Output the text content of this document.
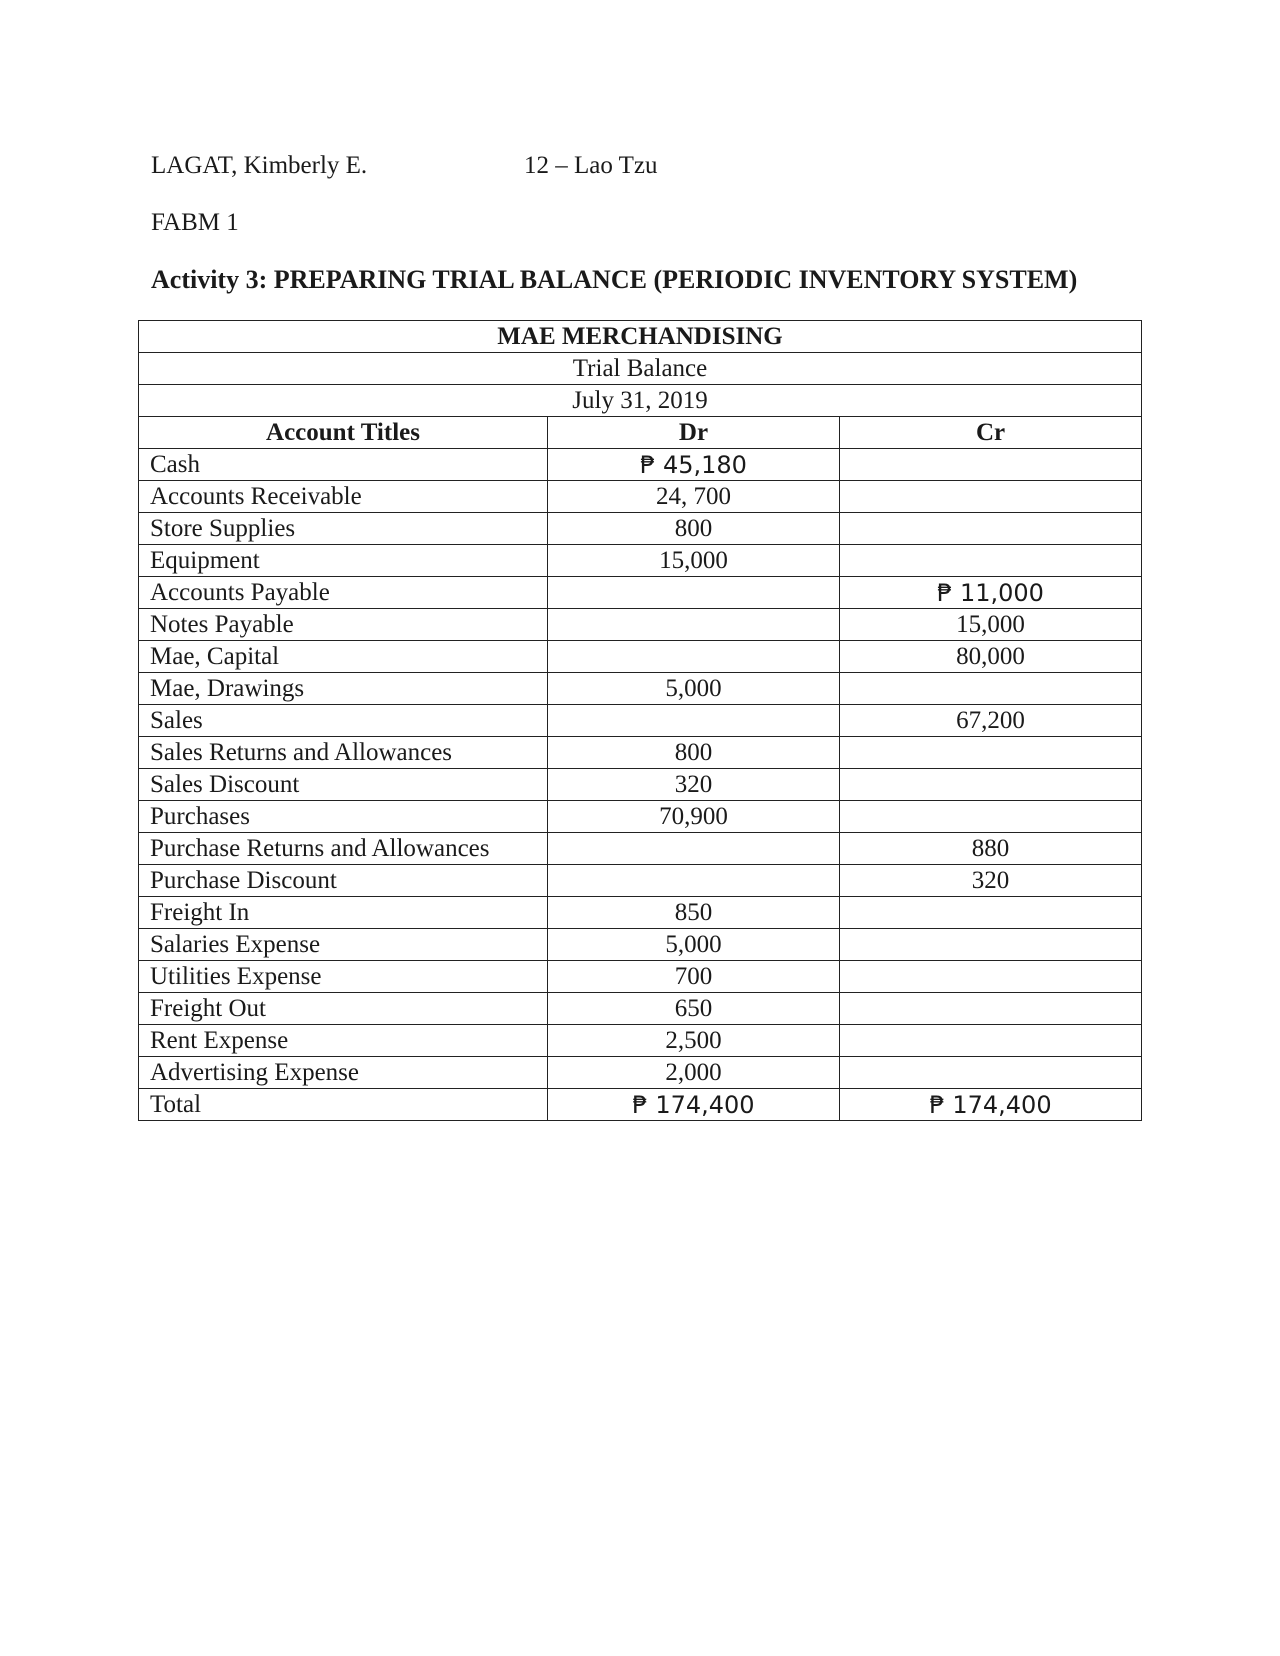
LAGAT, Kimberly E.	12 – Lao Tzu
FABM 1
Activity 3: PREPARING TRIAL BALANCE (PERIODIC INVENTORY SYSTEM)
MAE MERCHANDISING		
Trial Balance		
July 31, 2019		
Account Titles	Dr	Cr
Cash	₱ 45,180	
Accounts Receivable	24, 700	
Store Supplies	800	
Equipment	15,000	
Accounts Payable		₱ 11,000
Notes Payable		15,000
Mae, Capital		80,000
Mae, Drawings	5,000	
Sales		67,200
Sales Returns and Allowances	800	
Sales Discount	320	
Purchases	70,900	
Purchase Returns and Allowances		880
Purchase Discount		320
Freight In	850	
Salaries Expense	5,000	
Utilities Expense	700	
Freight Out	650	
Rent Expense	2,500	
Advertising Expense	2,000	
Total	₱ 174,400	₱ 174,400
